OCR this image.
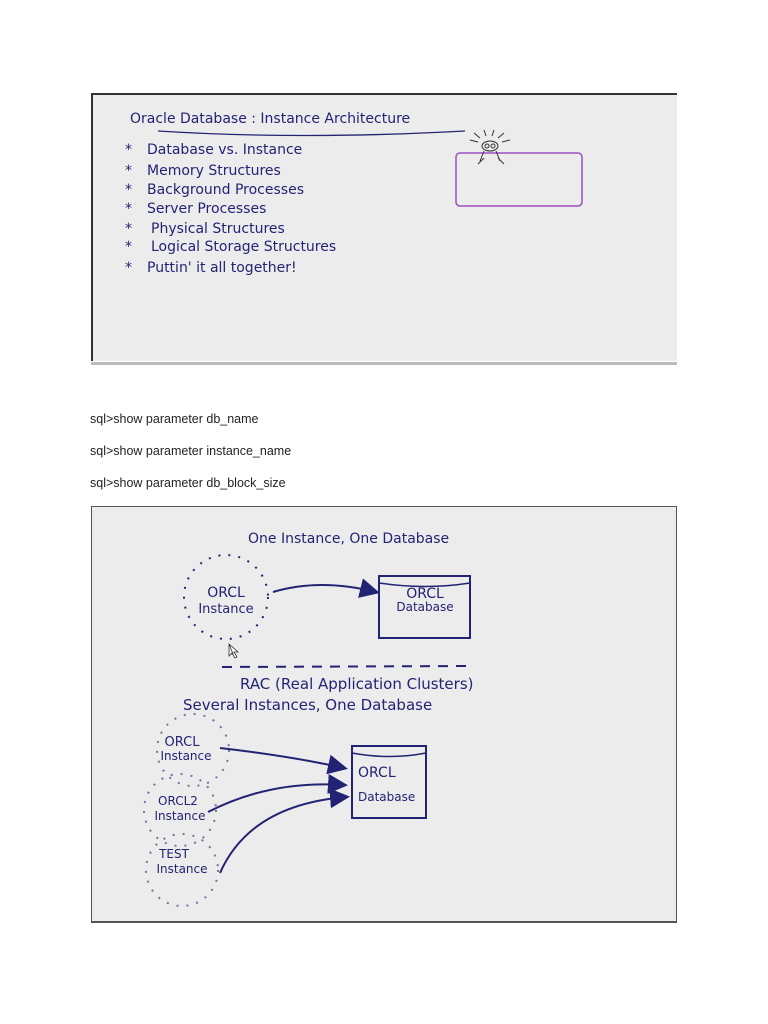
Oracle Database : Instance Architecture
* Database vs. Instance
* Memory Structures
* Background Processes
* Server Processes
* Physical Structures
* Logical Storage Structures
* Puttin' it all together!
sql>show parameter db_name
sql>show parameter instance_name
sql>show parameter db_block_size
One Instance, One Database
ORCL
Instance
ORCL
Database
RAC (Real Application Clusters)
Several Instances, One Database
ORCL
Instance
ORCL2
Instance
TEST
Instance
ORCL
Database
